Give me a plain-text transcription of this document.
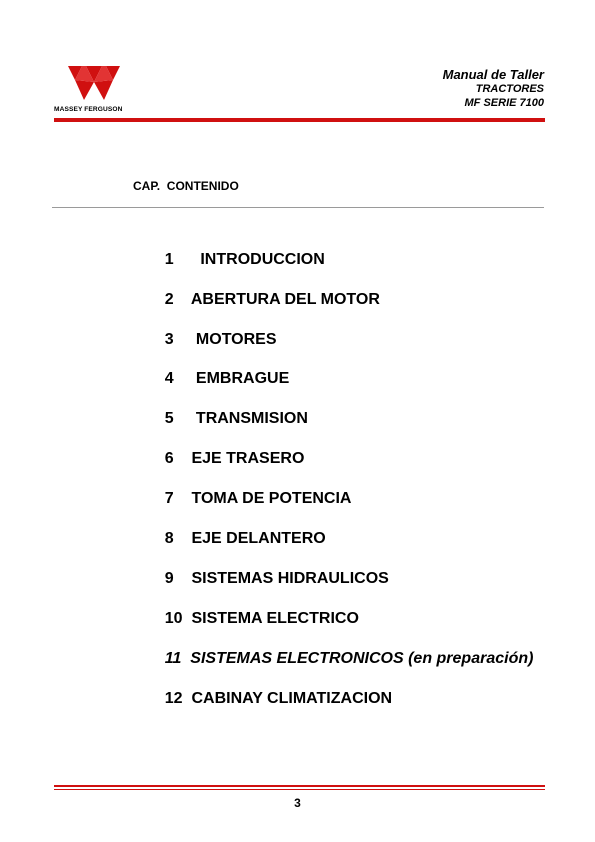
MASSEY FERGUSON
Manual de Taller
TRACTORES
MF SERIE 7100
CAP.  CONTENIDO

1 INTRODUCCION

2 ABERTURA DEL MOTOR

3 MOTORES

4 EMBRAGUE

5 TRANSMISION

6 EJE TRASERO

7 TOMA DE POTENCIA

8 EJE DELANTERO

9 SISTEMAS HIDRAULICOS

10 SISTEMA ELECTRICO

11 SISTEMAS ELECTRONICOS (en preparación)

12 CABINAY CLIMATIZACION

3
